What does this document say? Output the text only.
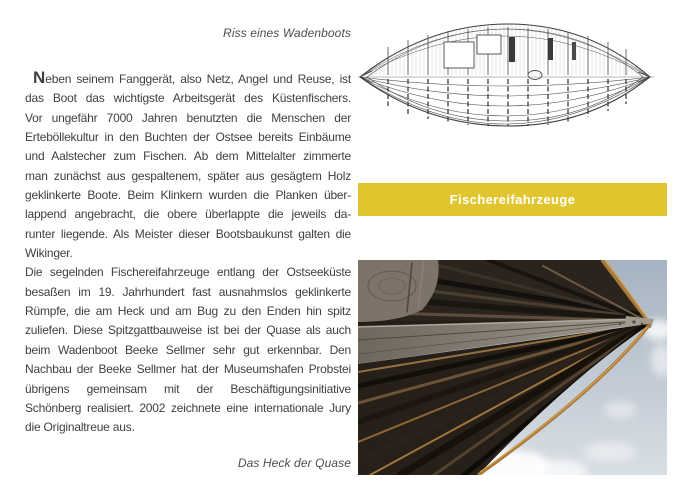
Riss eines Wadenboots
Neben seinem Fanggerät, also Netz, Angel und Reuse, ist
das Boot das wichtigste Arbeitsgerät des Küstenfischers.
Vor ungefähr 7000 Jahren benutzten die Menschen der
Erteböllekultur in den Buchten der Ostsee bereits Einbäume
und Aalstecher zum Fischen. Ab dem Mittelalter zimmerte
man zunächst aus gespaltenem, später aus gesägtem Holz
geklinkerte Boote. Beim Klinkern wurden die Planken über-
lappend angebracht, die obere überlappte die jeweils da-
runter liegende. Als Meister dieser Bootsbaukunst galten die
Wikinger.
Die segelnden Fischereifahrzeuge entlang der Ostseeküste
besaßen im 19. Jahrhundert fast ausnahmslos geklinkerte
Rümpfe, die am Heck und am Bug zu den Enden hin spitz
zuliefen. Diese Spitzgattbauweise ist bei der Quase als auch
beim Wadenboot Beeke Sellmer sehr gut erkennbar. Den
Nachbau der Beeke Sellmer hat der Museumshafen Probstei
übrigens gemeinsam mit der Beschäftigungsinitiative
Schönberg realisiert. 2002 zeichnete eine internationale Jury
die Originaltreue aus.
Das Heck der Quase
Fischereifahrzeuge
